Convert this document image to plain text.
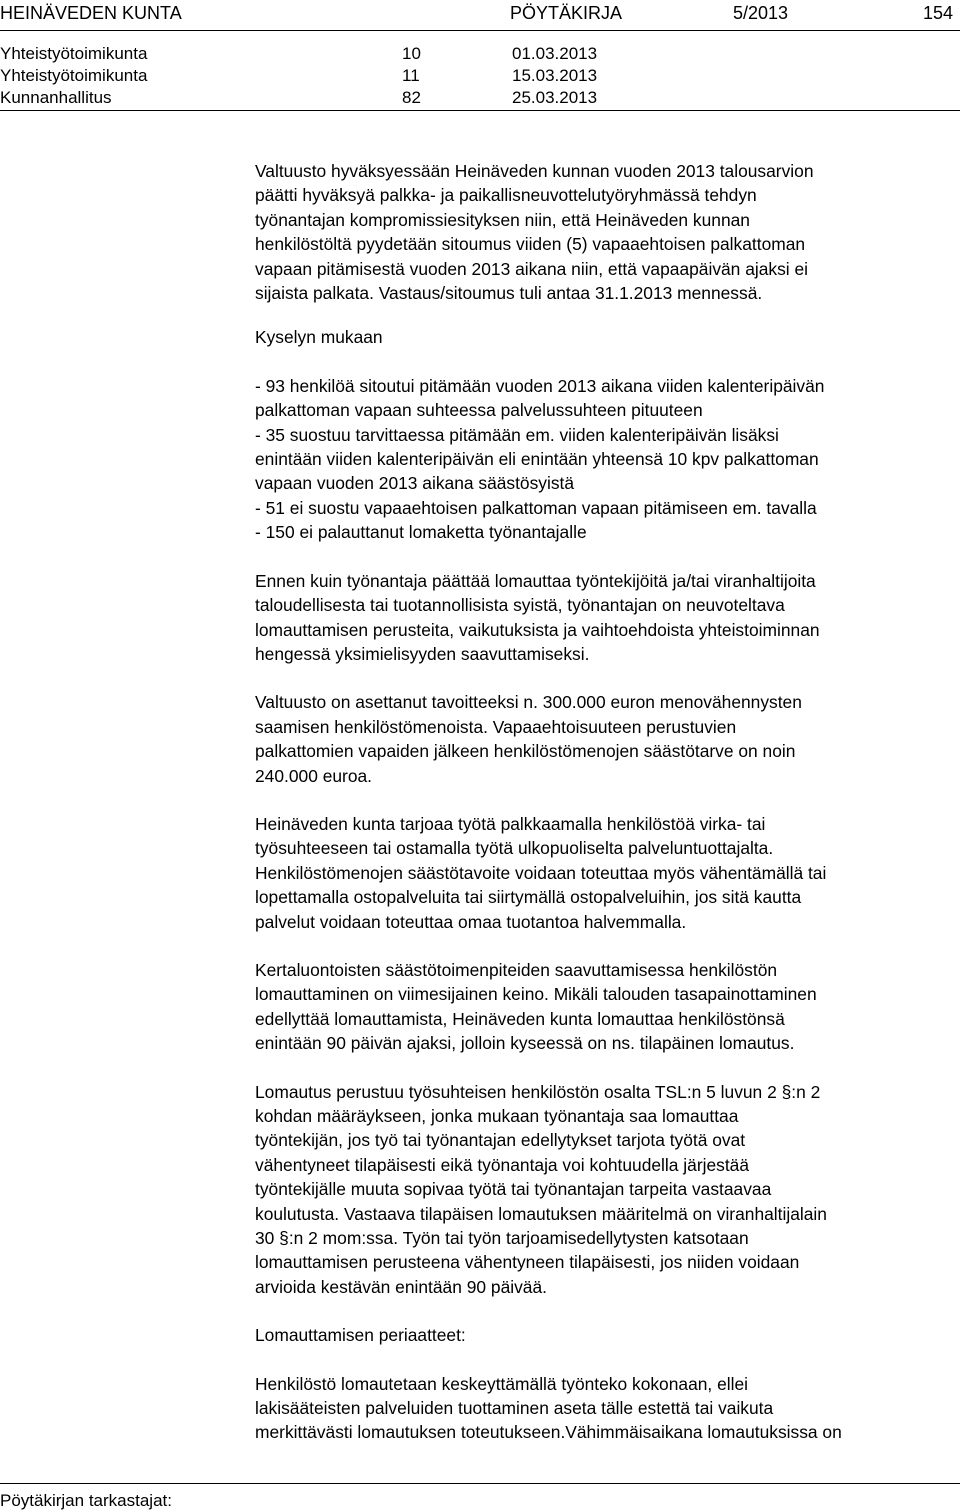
HEINÄVEDEN KUNTA	PÖYTÄKIRJA	5/2013	154
Yhteistyötoimikunta	10	01.03.2013
Yhteistyötoimikunta	11	15.03.2013
Kunnanhallitus	82	25.03.2013

Valtuusto hyväksyessään Heinäveden kunnan vuoden 2013 talousarvion
päätti hyväksyä palkka- ja paikallisneuvottelutyöryhmässä tehdyn
työnantajan kompromissiesityksen niin, että Heinäveden kunnan
henkilöstöltä pyydetään sitoumus viiden (5) vapaaehtoisen palkattoman
vapaan pitämisestä vuoden 2013 aikana niin, että vapaapäivän ajaksi ei
sijaista palkata. Vastaus/sitoumus tuli antaa 31.1.2013 mennessä.

Kyselyn mukaan

- 93 henkilöä sitoutui pitämään vuoden 2013 aikana viiden kalenteripäivän
palkattoman vapaan suhteessa palvelussuhteen pituuteen
- 35 suostuu tarvittaessa pitämään em. viiden kalenteripäivän lisäksi
enintään viiden kalenteripäivän eli enintään yhteensä 10 kpv palkattoman
vapaan vuoden 2013 aikana säästösyistä
- 51 ei suostu vapaaehtoisen palkattoman vapaan pitämiseen em. tavalla
- 150 ei palauttanut lomaketta työnantajalle

Ennen kuin työnantaja päättää lomauttaa työntekijöitä ja/tai viranhaltijoita
taloudellisesta tai tuotannollisista syistä, työnantajan on neuvoteltava
lomauttamisen perusteita, vaikutuksista ja vaihtoehdoista yhteistoiminnan
hengessä yksimielisyyden saavuttamiseksi.

Valtuusto on asettanut tavoitteeksi n. 300.000 euron menovähennysten
saamisen henkilöstömenoista. Vapaaehtoisuuteen perustuvien
palkattomien vapaiden jälkeen henkilöstömenojen säästötarve on noin
240.000 euroa.

Heinäveden kunta tarjoaa työtä palkkaamalla henkilöstöä virka- tai
työsuhteeseen tai ostamalla työtä ulkopuoliselta palveluntuottajalta.
Henkilöstömenojen säästötavoite voidaan toteuttaa myös vähentämällä tai
lopettamalla ostopalveluita tai siirtymällä ostopalveluihin, jos sitä kautta
palvelut voidaan toteuttaa omaa tuotantoa halvemmalla.

Kertaluontoisten säästötoimenpiteiden saavuttamisessa henkilöstön
lomauttaminen on viimesijainen keino. Mikäli talouden tasapainottaminen
edellyttää lomauttamista, Heinäveden kunta lomauttaa henkilöstönsä
enintään 90 päivän ajaksi, jolloin kyseessä on ns. tilapäinen lomautus.

Lomautus perustuu työsuhteisen henkilöstön osalta TSL:n 5 luvun 2 §:n 2
kohdan määräykseen, jonka mukaan työnantaja saa lomauttaa
työntekijän, jos työ tai työnantajan edellytykset tarjota työtä ovat
vähentyneet tilapäisesti eikä työnantaja voi kohtuudella järjestää
työntekijälle muuta sopivaa työtä tai työnantajan tarpeita vastaavaa
koulutusta. Vastaava tilapäisen lomautuksen määritelmä on viranhaltijalain
30 §:n 2 mom:ssa. Työn tai työn tarjoamisedellytysten katsotaan
lomauttamisen perusteena vähentyneen tilapäisesti, jos niiden voidaan
arvioida kestävän enintään 90 päivää.

Lomauttamisen periaatteet:

Henkilöstö lomautetaan keskeyttämällä työnteko kokonaan, ellei
lakisääteisten palveluiden tuottaminen aseta tälle estettä tai vaikuta
merkittävästi lomautuksen toteutukseen.Vähimmäisaikana lomautuksissa on

Pöytäkirjan tarkastajat:
